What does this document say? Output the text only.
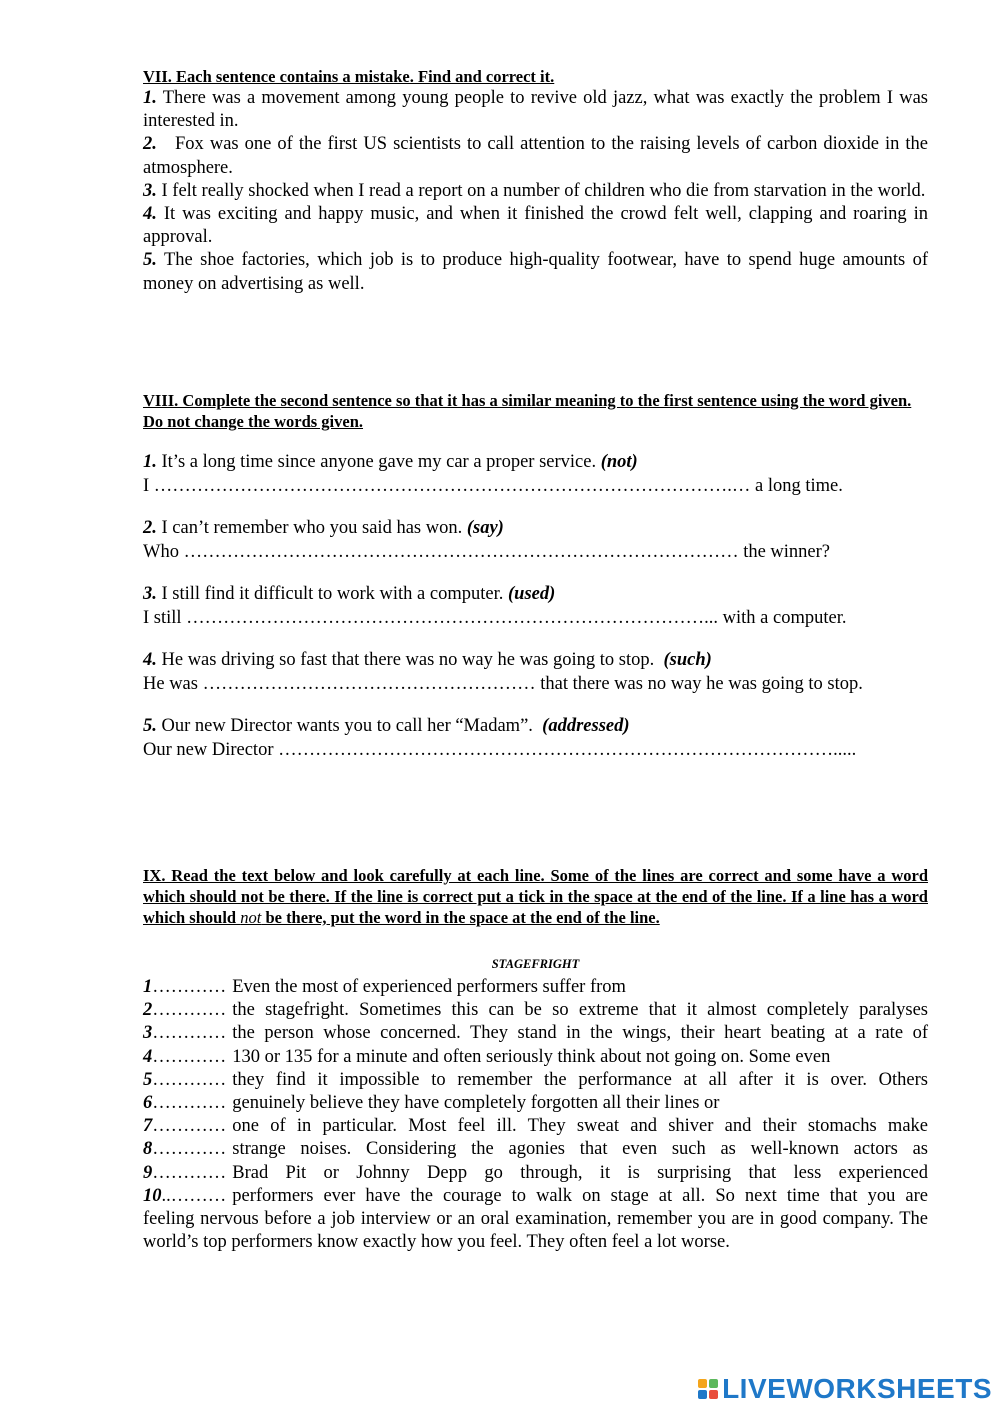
VII. Each sentence contains a mistake. Find and correct it.

1. There was a movement among young people to revive old jazz, what was exactly the problem I was interested in.

2.   Fox was one of the first US scientists to call attention to the raising levels of carbon dioxide in the atmosphere.

3. I felt really shocked when I read a report on a number of children who die from starvation in the world.

4. It was exciting and happy music, and when it finished the crowd felt well, clapping and roaring in approval.

5. The shoe factories, which job is to produce high-quality footwear, have to spend huge amounts of money on advertising as well.

VIII. Complete the second sentence so that it has a similar meaning to the first sentence using the word given. Do not change the words given.

1. It’s a long time since anyone gave my car a proper service. (not)

I ………………………………………………………………………………….… a long time.

2. I can’t remember who you said has won. (say)

Who ……………………………………………………………………………… the winner?

3. I still find it difficult to work with a computer. (used)

I still …………………………………………………………………………... with a computer.

4. He was driving so fast that there was no way he was going to stop.  (such)

He was ……………………………………………… that there was no way he was going to stop.

5. Our new Director wants you to call her “Madam”.  (addressed)

Our new Director ……………………………………………………………………………….....

IX. Read the text below and look carefully at each line. Some of the lines are correct and some have a word which should not be there. If the line is correct put a tick in the space at the end of the line. If a line has a word which should not be there, put the word in the space at the end of the line.

STAGEFRIGHT

1………… Even the most of experienced performers suffer from
2………… the stagefright. Sometimes this can be so extreme that it almost completely paralyses
3………… the person whose concerned. They stand in the wings, their heart beating at a rate of
4………… 130 or 135 for a minute and often seriously think about not going on. Some even
5………… they find it impossible to remember the performance at all after it is over. Others
6………… genuinely believe they have completely forgotten all their lines or
7………… one of in particular. Most feel ill. They sweat and shiver and their stomachs make
8………… strange noises. Considering the agonies that even such as well-known actors as
9………… Brad Pit or Johnny Depp go through, it is surprising that less experienced
10..……… performers ever have the courage to walk on stage at all. So next time that you are

feeling nervous before a job interview or an oral examination, remember you are in good company. The world’s top performers know exactly how you feel. They often feel a lot worse.

LIVEWORKSHEETS
